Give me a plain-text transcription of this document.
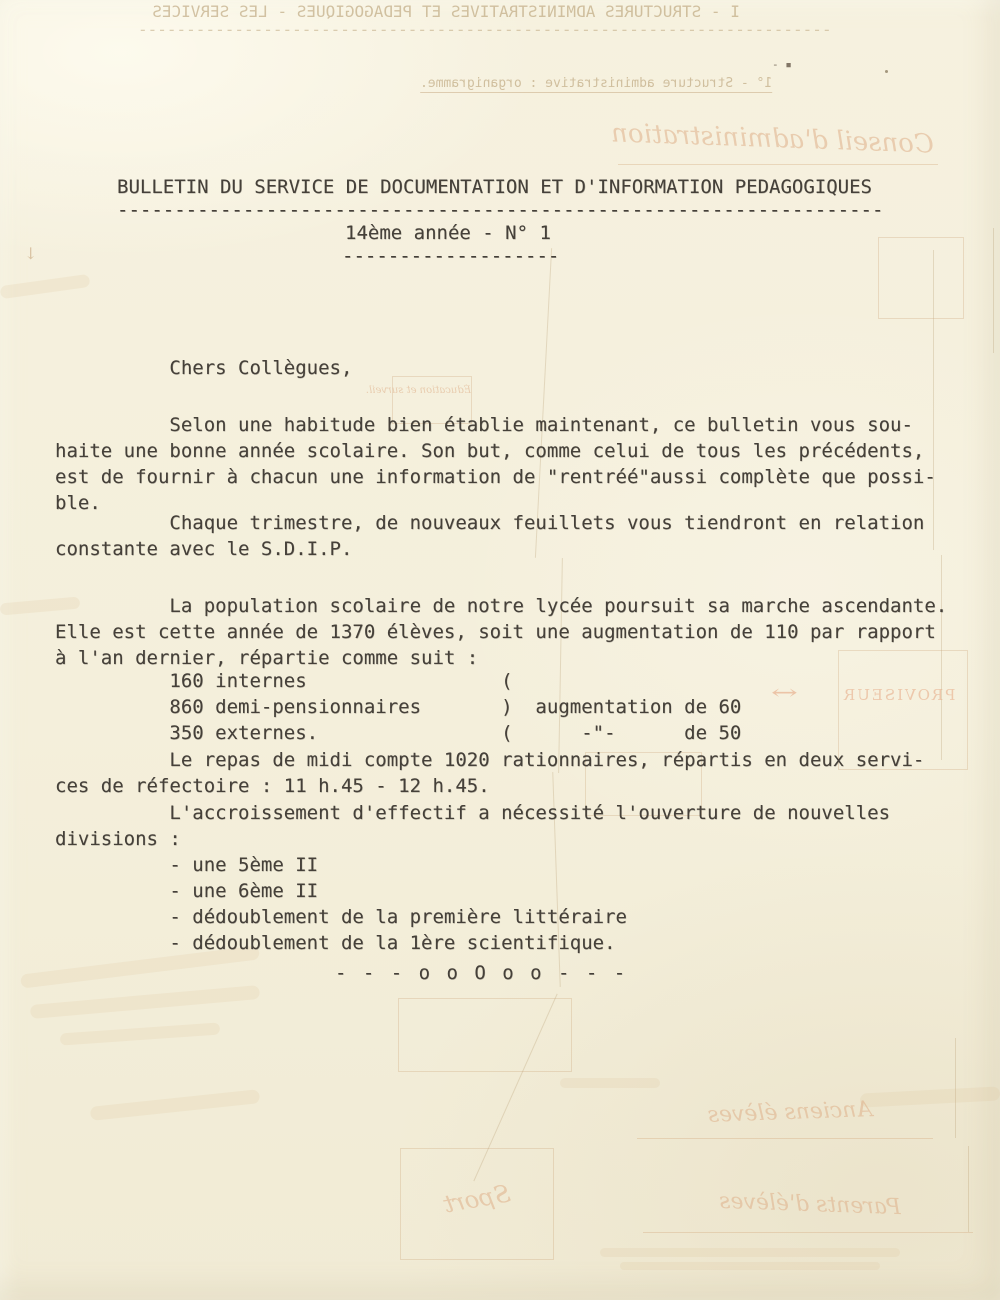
I - STRUCTURES ADMINISTRATIVES ET PEDAGOGIQUES - LES SERVICES
------------------------------------------------------------------------
- ▪
1° - Structure administrative : organigramme.
Conseil d'administration
Éducation et surveil.
PROVISEUR
↔
Sport
Anciens élèves
Parents d'élèves
↓
BULLETIN DU SERVICE DE DOCUMENTATION ET D'INFORMATION PEDAGOGIQUES
-------------------------------------------------------------------
14ème année - N° 1
-------------------
Chers Collègues,
Selon une habitude bien établie maintenant, ce bulletin vous sou-
haite une bonne année scolaire. Son but, comme celui de tous les précédents,
est de fournir à chacun une information de "rentréé"aussi complète que possi-
ble.
Chaque trimestre, de nouveaux feuillets vous tiendront en relation
constante avec le S.D.I.P.
La population scolaire de notre lycée poursuit sa marche ascendante.
Elle est cette année de 1370 élèves, soit une augmentation de 110 par rapport
à l'an dernier, répartie comme suit :
160 internes                 (
860 demi-pensionnaires       )  augmentation de 60
350 externes.                (      -"-      de 50
Le repas de midi compte 1020 rationnaires, répartis en deux servi-
ces de réfectoire : 11 h.45 - 12 h.45.
L'accroissement d'effectif a nécessité l'ouverture de nouvelles
divisions :
- une 5ème II
- une 6ème II
- dédoublement de la première littéraire
- dédoublement de la 1ère scientifique.
- - - o o O o o - - -
